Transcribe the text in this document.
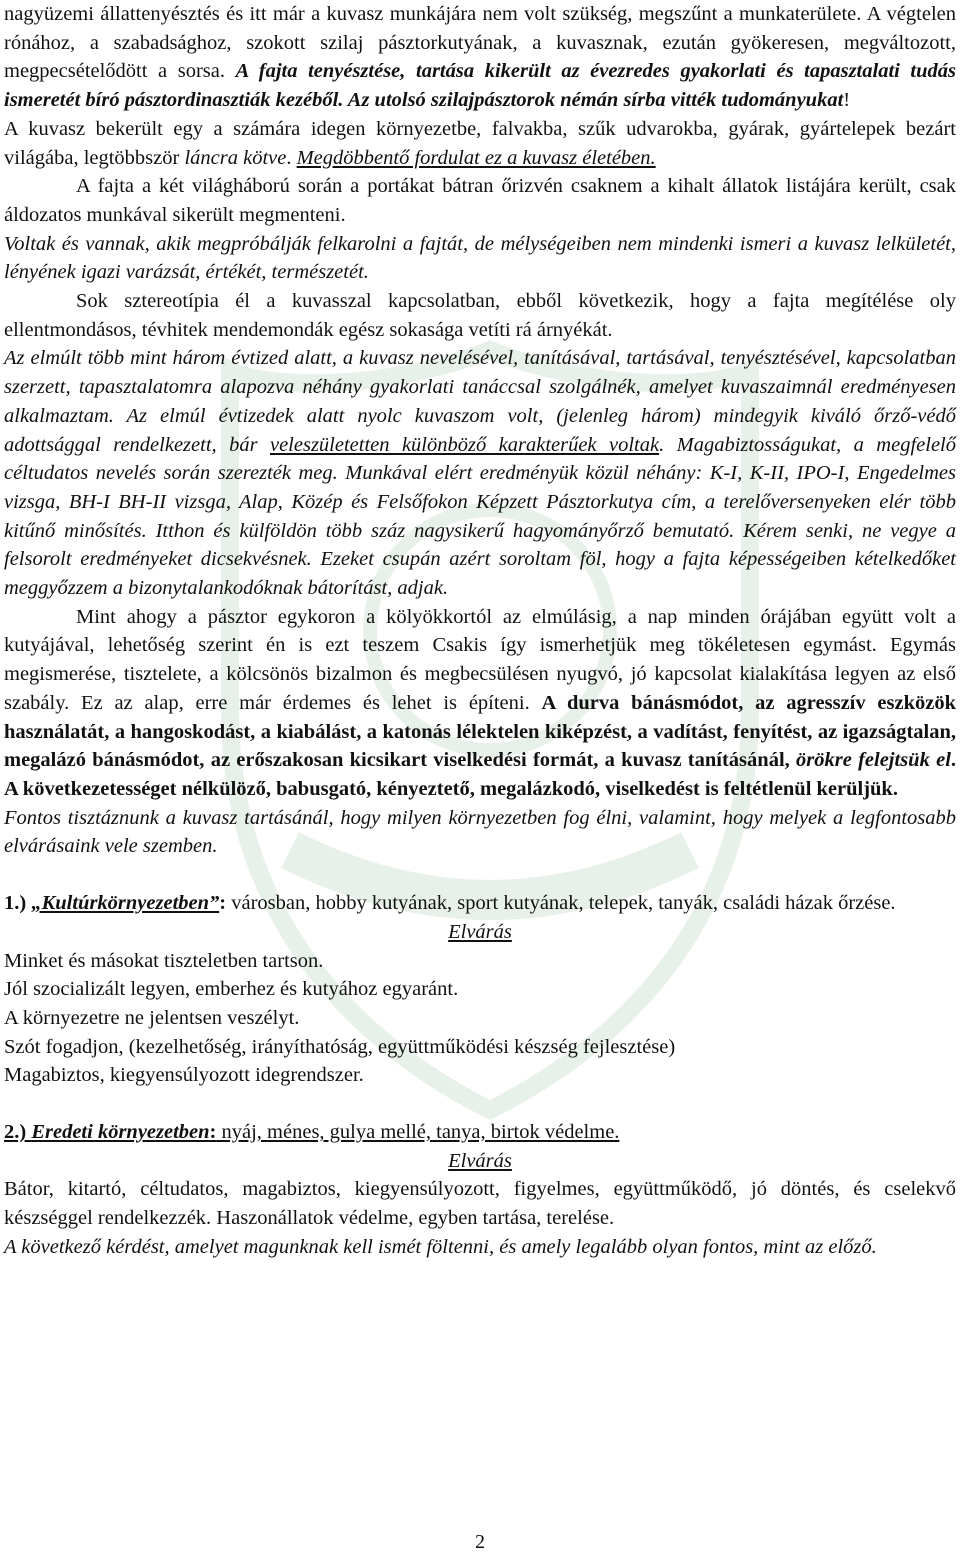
nagyüzemi állattenyésztés és itt már a kuvasz munkájára nem volt szükség, megszűnt a munkaterülete. A végtelen rónához, a szabadsághoz, szokott szilaj pásztorkutyának, a kuvasznak, ezután gyökeresen, megváltozott, megpecsételődött a sorsa. A fajta tenyésztése, tartása kikerült az évezredes gyakorlati és tapasztalati tudás ismeretét bíró pásztordinasztiák kezéből. Az utolsó szilajpásztorok némán sírba vitték tudományukat!

A kuvasz bekerült egy a számára idegen környezetbe, falvakba, szűk udvarokba, gyárak, gyártelepek bezárt világába, legtöbbször láncra kötve. Megdöbbentő fordulat ez a kuvasz életében.

A fajta a két világháború során a portákat bátran őrizvén csaknem a kihalt állatok listájára került, csak áldozatos munkával sikerült megmenteni.

Voltak és vannak, akik megpróbálják felkarolni a fajtát, de mélységeiben nem mindenki ismeri a kuvasz lelkületét, lényének igazi varázsát, értékét, természetét.

Sok sztereotípia él a kuvasszal kapcsolatban, ebből következik, hogy a fajta megítélése oly ellentmondásos, tévhitek mendemondák egész sokasága vetíti rá árnyékát.

Az elmúlt több mint három évtized alatt, a kuvasz nevelésével, tanításával, tartásával, tenyésztésével, kapcsolatban szerzett, tapasztalatomra alapozva néhány gyakorlati tanáccsal szolgálnék, amelyet kuvaszaimnál eredményesen alkalmaztam. Az elmúl évtizedek alatt nyolc kuvaszom volt, (jelenleg három) mindegyik kiváló őrző-védő adottsággal rendelkezett, bár veleszületetten különböző karakterűek voltak. Magabiztosságukat, a megfelelő céltudatos nevelés során szerezték meg. Munkával elért eredményük közül néhány: K-I, K-II, IPO-I, Engedelmes vizsga, BH-I BH-II vizsga, Alap, Közép és Felsőfokon Képzett Pásztorkutya cím, a terelőversenyeken elér több kitűnő minősítés. Itthon és külföldön több száz nagysikerű hagyományőrző bemutató. Kérem senki, ne vegye a felsorolt eredményeket dicsekvésnek. Ezeket csupán azért soroltam föl, hogy a fajta képességeiben kételkedőket meggyőzzem a bizonytalankodóknak bátorítást, adjak.

Mint ahogy a pásztor egykoron a kölyökkortól az elmúlásig, a nap minden órájában együtt volt a kutyájával, lehetőség szerint én is ezt teszem Csakis így ismerhetjük meg tökéletesen egymást. Egymás megismerése, tisztelete, a kölcsönös bizalmon és megbecsülésen nyugvó, jó kapcsolat kialakítása legyen az első szabály. Ez az alap, erre már érdemes és lehet is építeni. A durva bánásmódot, az agresszív eszközök használatát, a hangoskodást, a kiabálást, a katonás lélektelen kiképzést, a vadítást, fenyítést, az igazságtalan, megalázó bánásmódot, az erőszakosan kicsikart viselkedési formát, a kuvasz tanításánál, örökre felejtsük el. A következetességet nélkülöző, babusgató, kényeztető, megalázkodó, viselkedést is feltétlenül kerüljük.

Fontos tisztáznunk a kuvasz tartásánál, hogy milyen környezetben fog élni, valamint, hogy melyek a legfontosabb elvárásaink vele szemben.

1.) „Kultúrkörnyezetben”: városban, hobby kutyának, sport kutyának, telepek, tanyák, családi házak őrzése.

Elvárás

Minket és másokat tiszteletben tartson.

Jól szocializált legyen, emberhez és kutyához egyaránt.

A környezetre ne jelentsen veszélyt.

Szót fogadjon, (kezelhetőség, irányíthatóság, együttműködési készség fejlesztése)

Magabiztos, kiegyensúlyozott idegrendszer.

2.) Eredeti környezetben: nyáj, ménes, gulya mellé, tanya, birtok védelme.

Elvárás

Bátor, kitartó, céltudatos, magabiztos, kiegyensúlyozott, figyelmes, együttműködő, jó döntés, és cselekvő készséggel rendelkezzék. Haszonállatok védelme, egyben tartása, terelése.

A következő kérdést, amelyet magunknak kell ismét föltenni, és amely legalább olyan fontos, mint az előző.

2
